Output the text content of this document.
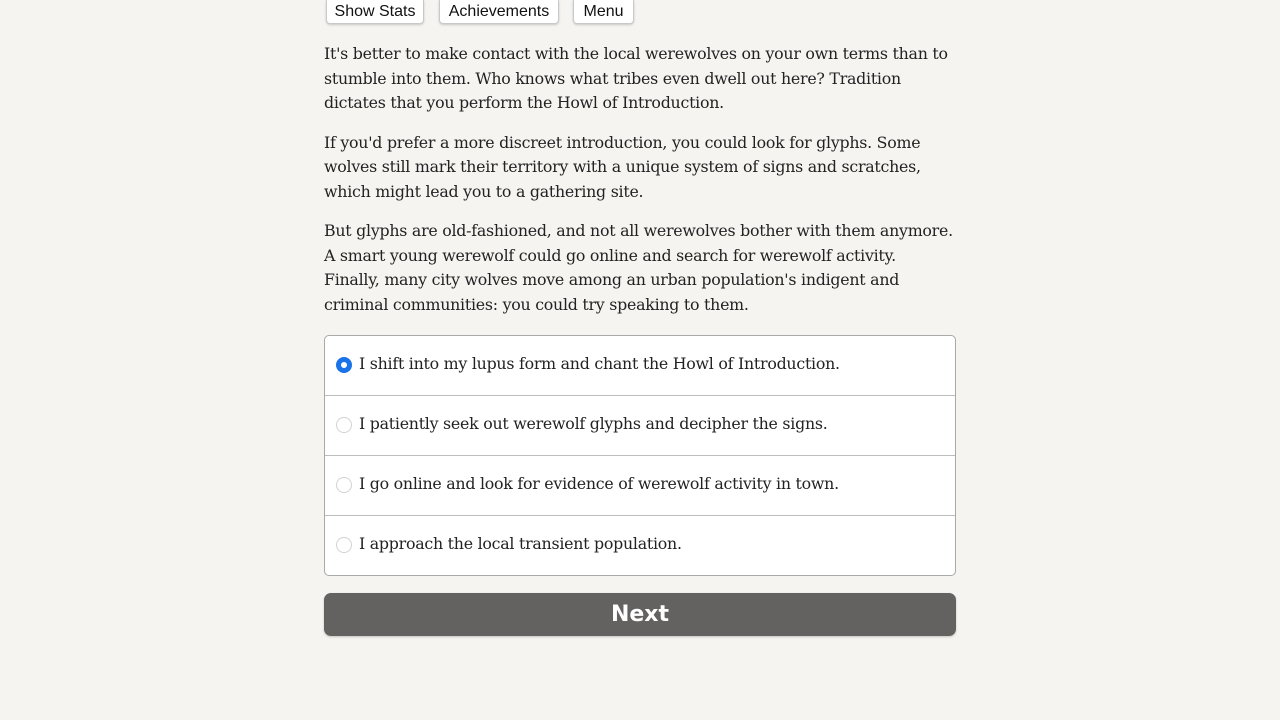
Show Stats	Achievements	Menu

It's better to make contact with the local werewolves on your own terms than to stumble into them. Who knows what tribes even dwell out here? Tradition dictates that you perform the Howl of Introduction.

If you'd prefer a more discreet introduction, you could look for glyphs. Some wolves still mark their territory with a unique system of signs and scratches, which might lead you to a gathering site.

But glyphs are old-fashioned, and not all werewolves bother with them anymore. A smart young werewolf could go online and search for werewolf activity. Finally, many city wolves move among an urban population's indigent and criminal communities: you could try speaking to them.

I shift into my lupus form and chant the Howl of Introduction.
I patiently seek out werewolf glyphs and decipher the signs.
I go online and look for evidence of werewolf activity in town.
I approach the local transient population.
Next
